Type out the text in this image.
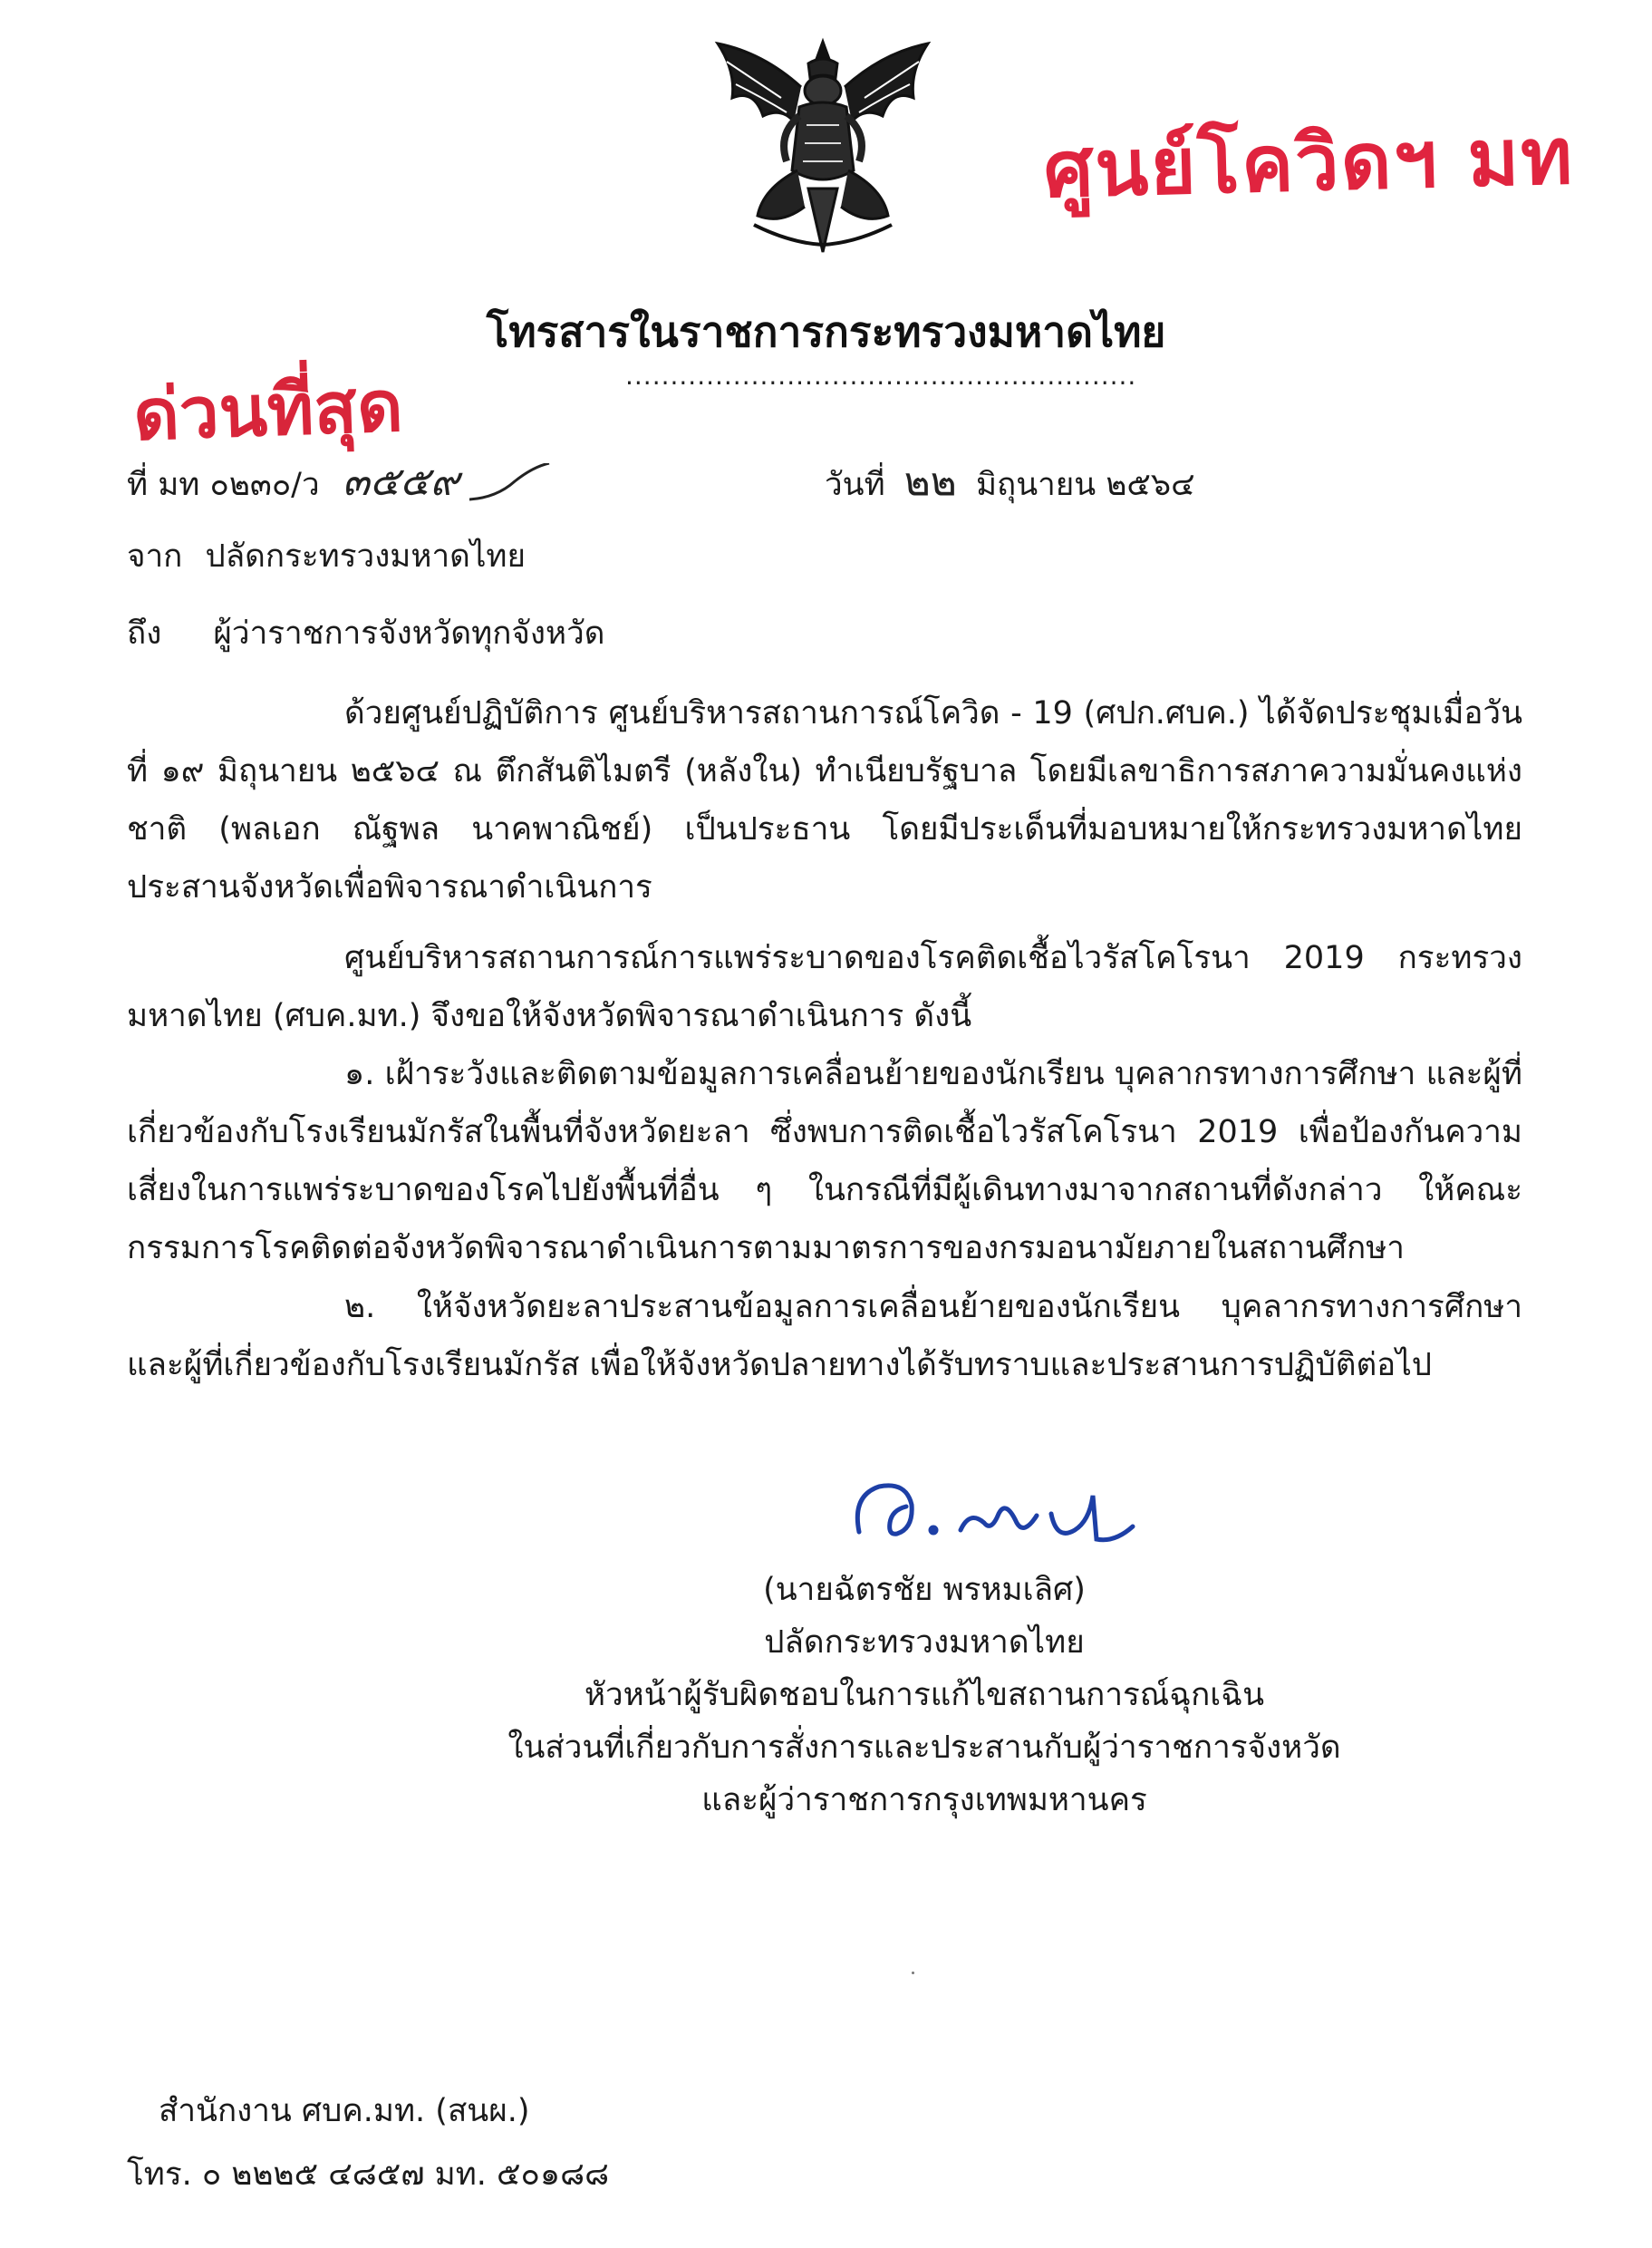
ศูนย์โควิดฯ มท
โทรสารในราชการกระทรวงมหาดไทย
.........................................................
ด่วนที่สุด
ที่ มท ๐๒๓๐/ว ๓๕๕๙	วันที่ ๒๒ มิถุนายน ๒๕๖๔
จาก ปลัดกระทรวงมหาดไทย
ถึง ผู้ว่าราชการจังหวัดทุกจังหวัด

ด้วยศูนย์ปฏิบัติการ ศูนย์บริหารสถานการณ์โควิด - 19 (ศปก.ศบค.) ได้จัดประชุมเมื่อวันที่ ๑๙ มิถุนายน ๒๕๖๔ ณ ตึกสันติไมตรี (หลังใน) ทำเนียบรัฐบาล โดยมีเลขาธิการสภาความมั่นคงแห่งชาติ (พลเอก ณัฐพล นาคพาณิชย์) เป็นประธาน โดยมีประเด็นที่มอบหมายให้กระทรวงมหาดไทยประสานจังหวัดเพื่อพิจารณาดำเนินการ

ศูนย์บริหารสถานการณ์การแพร่ระบาดของโรคติดเชื้อไวรัสโคโรนา 2019 กระทรวงมหาดไทย (ศบค.มท.) จึงขอให้จังหวัดพิจารณาดำเนินการ ดังนี้

๑. เฝ้าระวังและติดตามข้อมูลการเคลื่อนย้ายของนักเรียน บุคลากรทางการศึกษา และผู้ที่เกี่ยวข้องกับโรงเรียนมักรัสในพื้นที่จังหวัดยะลา ซึ่งพบการติดเชื้อไวรัสโคโรนา 2019 เพื่อป้องกันความเสี่ยงในการแพร่ระบาดของโรคไปยังพื้นที่อื่น ๆ ในกรณีที่มีผู้เดินทางมาจากสถานที่ดังกล่าว ให้คณะกรรมการโรคติดต่อจังหวัดพิจารณาดำเนินการตามมาตรการของกรมอนามัยภายในสถานศึกษา

๒. ให้จังหวัดยะลาประสานข้อมูลการเคลื่อนย้ายของนักเรียน บุคลากรทางการศึกษา และผู้ที่เกี่ยวข้องกับโรงเรียนมักรัส เพื่อให้จังหวัดปลายทางได้รับทราบและประสานการปฏิบัติต่อไป

(นายฉัตรชัย พรหมเลิศ)
ปลัดกระทรวงมหาดไทย
หัวหน้าผู้รับผิดชอบในการแก้ไขสถานการณ์ฉุกเฉิน
ในส่วนที่เกี่ยวกับการสั่งการและประสานกับผู้ว่าราชการจังหวัด
และผู้ว่าราชการกรุงเทพมหานคร
สำนักงาน ศบค.มท. (สนผ.)
โทร. ๐ ๒๒๒๕ ๔๘๕๗ มท. ๕๐๑๘๘
